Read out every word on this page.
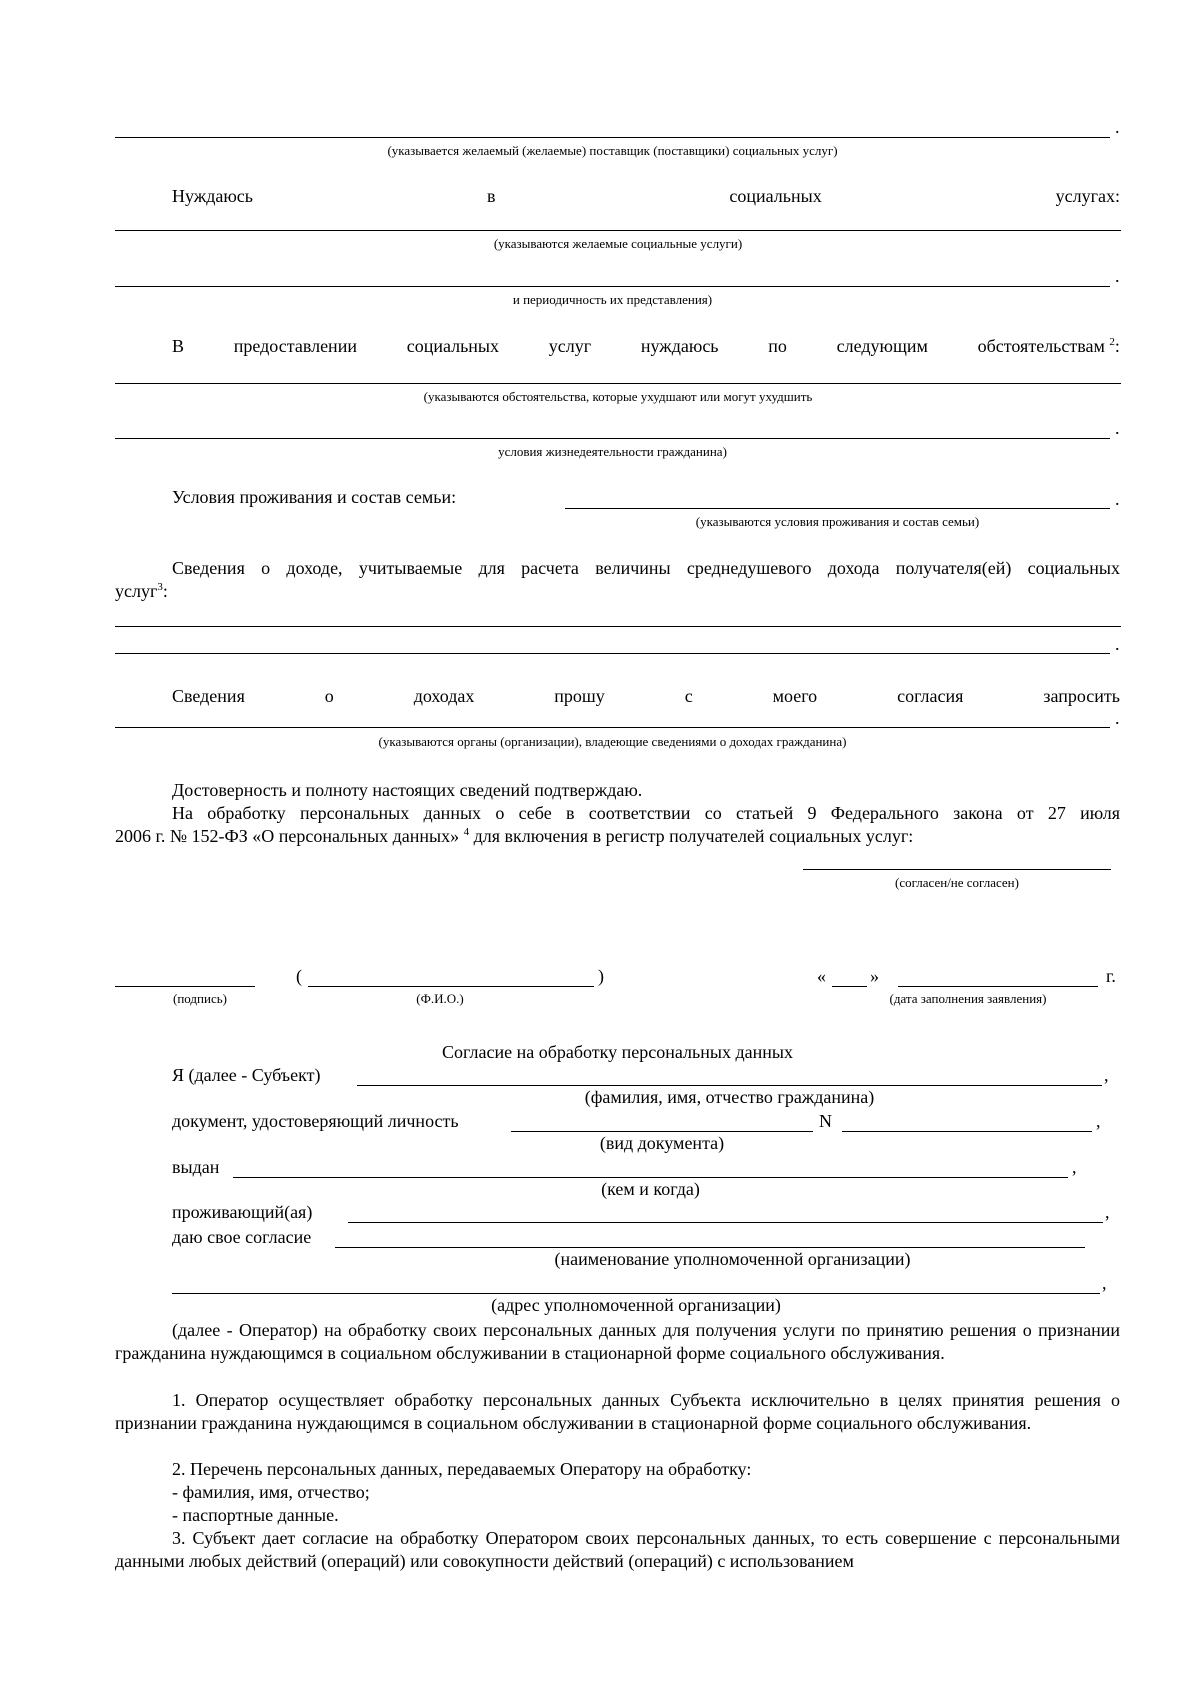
.
(указывается желаемый (желаемые) поставщик (поставщики) социальных услуг)
Нуждаюсь	в	социальных	услугах:
(указываются желаемые социальные услуги)
.
и периодичность их представления)
В	предоставлении	социальных	услуг	нуждаюсь	по	следующим	обстоятельствам $^2$:
(указываются обстоятельства, которые ухудшают или могут ухудшить
.
условия жизнедеятельности гражданина)
Условия проживания и состав семьи:	.
(указываются условия проживания и состав семьи)
Сведения о доходе, учитываемые для расчета величины среднедушевого дохода получателя(ей) социальных
услуг$^3$:
.
Сведения	о	доходах	прошу	с	моего	согласия	запросить
.
(указываются органы (организации), владеющие сведениями о доходах гражданина)
Достоверность и полноту настоящих сведений подтверждаю.
На обработку персональных данных о себе в соответствии со статьей 9 Федерального закона от 27 июля
2006 г. № 152-ФЗ «О персональных данных» $^4$ для включения в регистр получателей социальных услуг:
(согласен/не согласен)
(	)
(подпись)	(Ф.И.О.)
« »	г.
(дата заполнения заявления)
Согласие на обработку персональных данных
Я (далее - Субъект)	,
(фамилия, имя, отчество гражданина)
документ, удостоверяющий личность	N	,
(вид документа)
выдан	,
(кем и когда)
проживающий(ая)	,
даю свое согласие
(наименование уполномоченной организации)
,
(адрес уполномоченной организации)
(далее - Оператор) на обработку своих персональных данных для получения услуги по принятию решения о признании гражданина нуждающимся в социальном обслуживании в стационарной форме социального обслуживания.
1. Оператор осуществляет обработку персональных данных Субъекта исключительно в целях принятия решения о признании гражданина нуждающимся в социальном обслуживании в стационарной форме социального обслуживания.
2. Перечень персональных данных, передаваемых Оператору на обработку:
- фамилия, имя, отчество;
- паспортные данные.
3. Субъект дает согласие на обработку Оператором своих персональных данных, то есть совершение с персональными данными любых действий (операций) или совокупности действий (операций) с использованием
